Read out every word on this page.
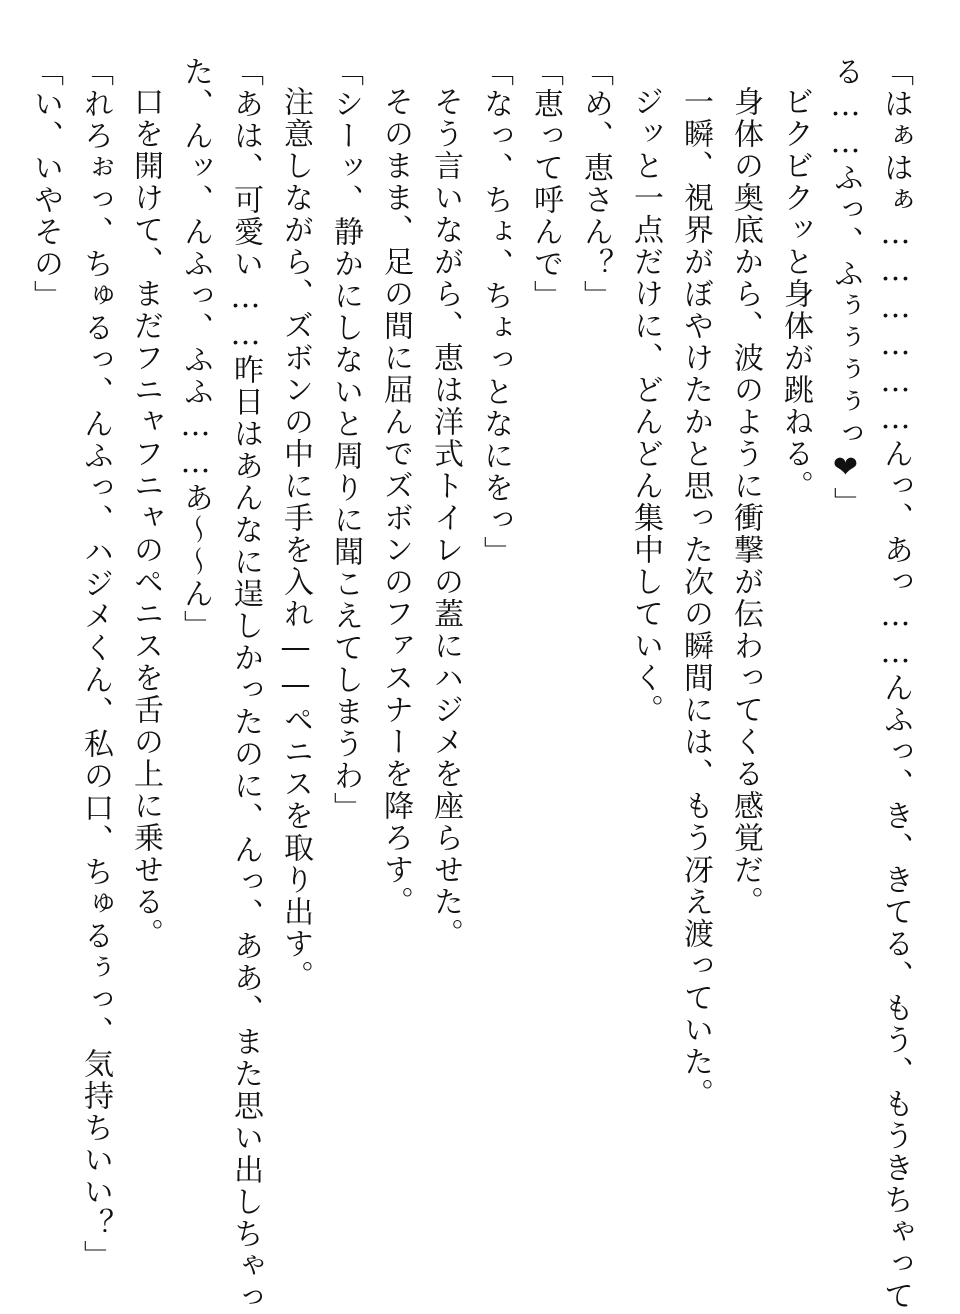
「はぁはぁ………………んっ、あっ……んふっ、き、きてる、もう、もうきちゃって
る……ふっ、ふぅぅぅぅっ❤」
ビクビクッと身体が跳ねる。
身体の奥底から、波のように衝撃が伝わってくる感覚だ。
一瞬、視界がぼやけたかと思った次の瞬間には、もう冴え渡っていた。
ジッと一点だけに、どんどん集中していく。
「め、恵さん？」
「恵って呼んで」
「なっ、ちょ、ちょっとなにをっ」
そう言いながら、恵は洋式トイレの蓋にハジメを座らせた。
そのまま、足の間に屈んでズボンのファスナーを降ろす。
「シーッ、静かにしないと周りに聞こえてしまうわ」
注意しながら、ズボンの中に手を入れ——ペニスを取り出す。
「あは、可愛い……昨日はあんなに逞しかったのに、んっ、ああ、また思い出しちゃっ
た、んッ、んふっ、ふふ……あ〜〜ん」
口を開けて、まだフニャフニャのペニスを舌の上に乗せる。
「れろぉっ、ちゅるっ、んふっ、ハジメくん、私の口、ちゅるぅっ、気持ちいい？」
「い、いやその」
